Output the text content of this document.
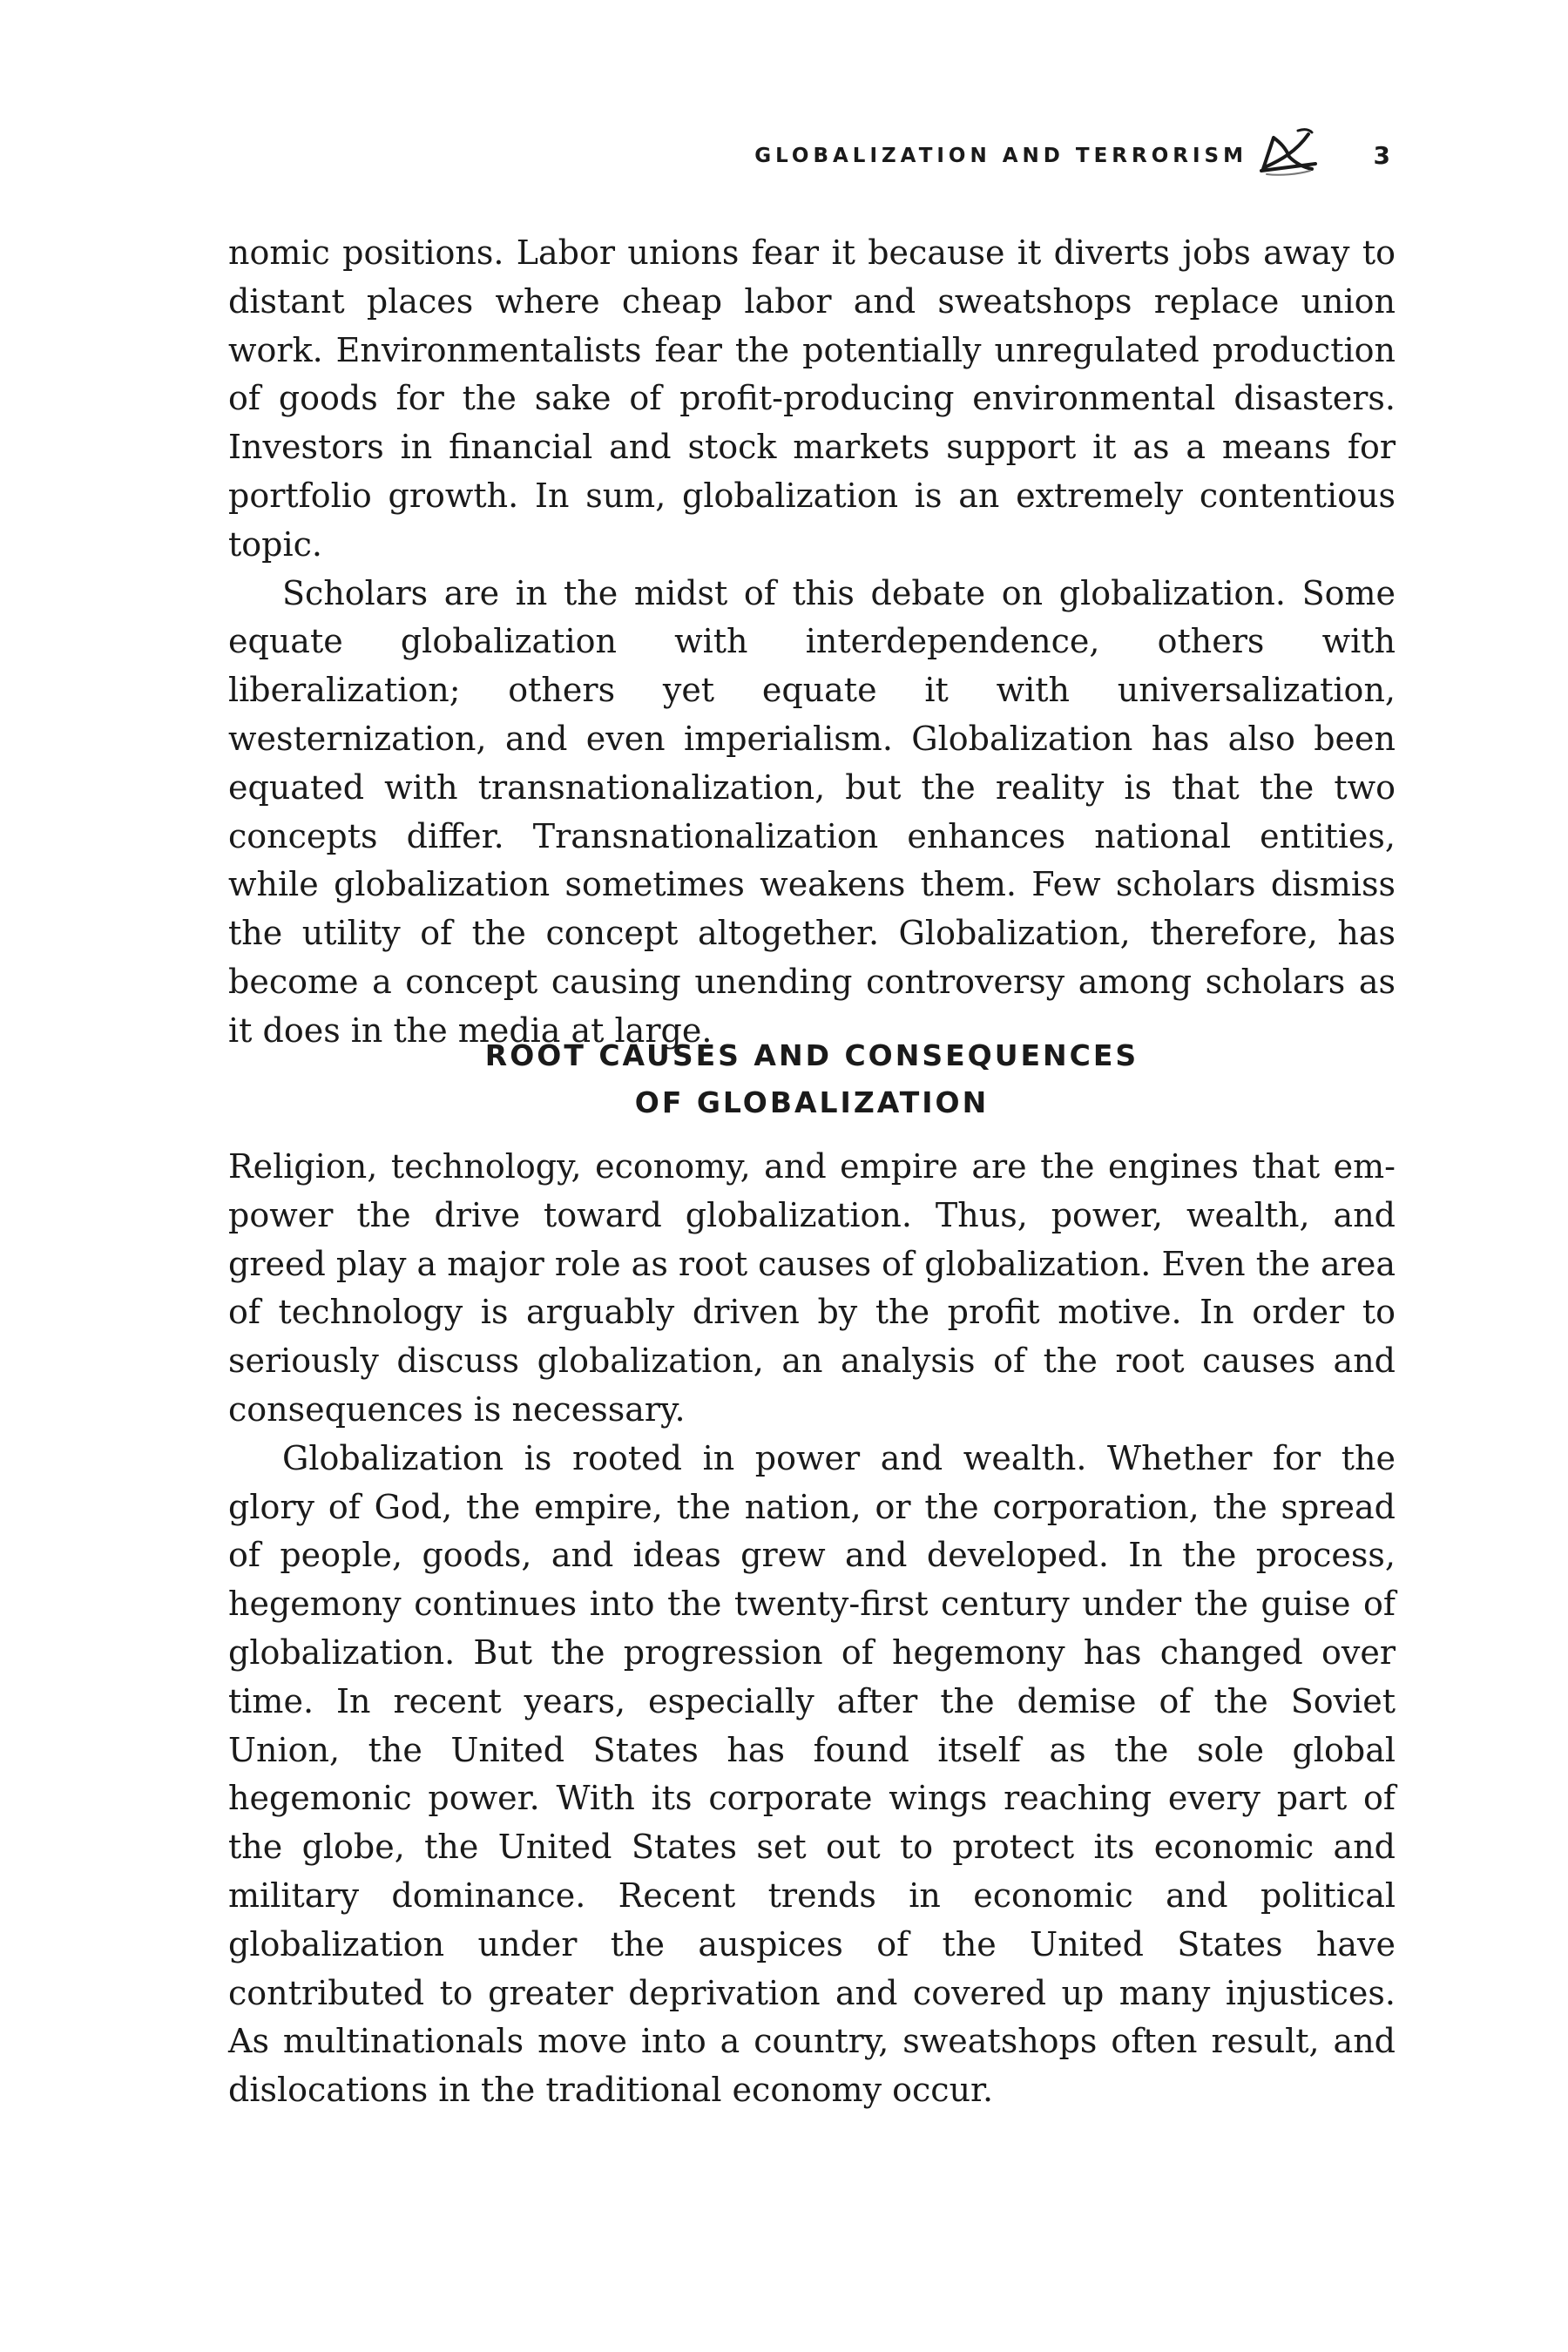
GLOBALIZATION AND TERRORISM	3

nomic positions. Labor unions fear it because it diverts jobs away to distant places where cheap labor and sweatshops replace union work. Environmentalists fear the potentially unregulated production of goods for the sake of profit-producing environmental disasters. Investors in financial and stock markets support it as a means for portfolio growth. In sum, globalization is an extremely contentious topic.

Scholars are in the midst of this debate on globalization. Some equate globalization with interdependence, others with liberalization; others yet equate it with universalization, westernization, and even imperialism. Globalization has also been equated with transnationalization, but the reality is that the two concepts differ. Transnationalization enhances national entities, while globalization sometimes weakens them. Few scholars dismiss the utility of the concept altogether. Globalization, therefore, has become a concept causing unending controversy among scholars as it does in the media at large.

ROOT CAUSES AND CONSEQUENCES
OF GLOBALIZATION

Religion, technology, economy, and empire are the engines that empower the drive toward globalization. Thus, power, wealth, and greed play a major role as root causes of globalization. Even the area of technology is arguably driven by the profit motive. In order to seriously discuss globalization, an analysis of the root causes and consequences is necessary.

Globalization is rooted in power and wealth. Whether for the glory of God, the empire, the nation, or the corporation, the spread of people, goods, and ideas grew and developed. In the process, hegemony continues into the twenty-first century under the guise of globalization. But the progression of hegemony has changed over time. In recent years, especially after the demise of the Soviet Union, the United States has found itself as the sole global hegemonic power. With its corporate wings reaching every part of the globe, the United States set out to protect its economic and military dominance. Recent trends in economic and political globalization under the auspices of the United States have contributed to greater deprivation and covered up many injustices. As multinationals move into a country, sweatshops often result, and dislocations in the traditional economy occur.
